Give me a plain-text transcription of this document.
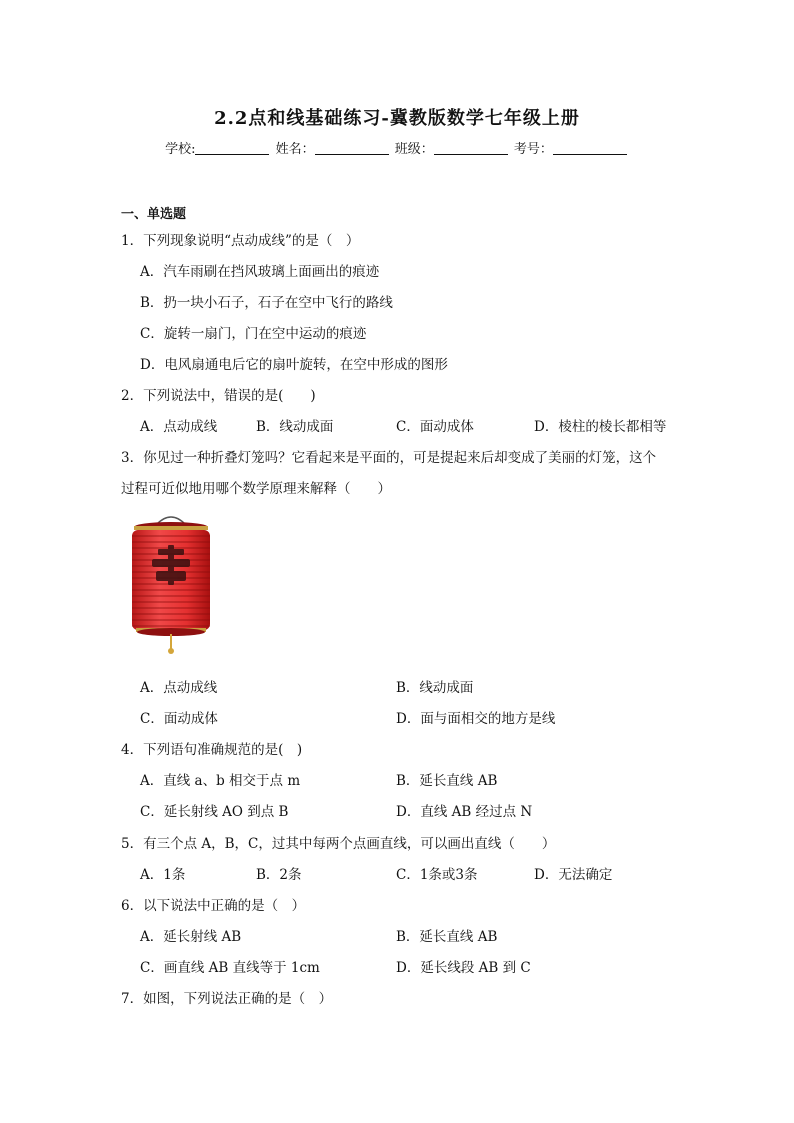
2.2点和线基础练习-冀教版数学七年级上册
学校:	姓名：	班级：	考号：
一、单选题
1．下列现象说明“点动成线”的是（　）
A．汽车雨刷在挡风玻璃上面画出的痕迹
B．扔一块小石子，石子在空中飞行的路线
C．旋转一扇门，门在空中运动的痕迹
D．电风扇通电后它的扇叶旋转，在空中形成的图形
2．下列说法中，错误的是(　　)
A．点动成线	B．线动成面	C．面动成体	D．棱柱的棱长都相等
3．你见过一种折叠灯笼吗？它看起来是平面的，可是提起来后却变成了美丽的灯笼，这个
过程可近似地用哪个数学原理来解释（　　）
A．点动成线	B．线动成面
C．面动成体	D．面与面相交的地方是线
4．下列语句准确规范的是(　)
A．直线 a、b 相交于点 m	B．延长直线 AB
C．延长射线 AO 到点 B	D．直线 AB 经过点 N
5．有三个点 A，B，C，过其中每两个点画直线，可以画出直线（　　）
A．1条	B．2条	C．1条或3条	D．无法确定
6．以下说法中正确的是（　）
A．延长射线 AB	B．延长直线 AB
C．画直线 AB 直线等于 1cm	D．延长线段 AB 到 C
7．如图，下列说法正确的是（　）
